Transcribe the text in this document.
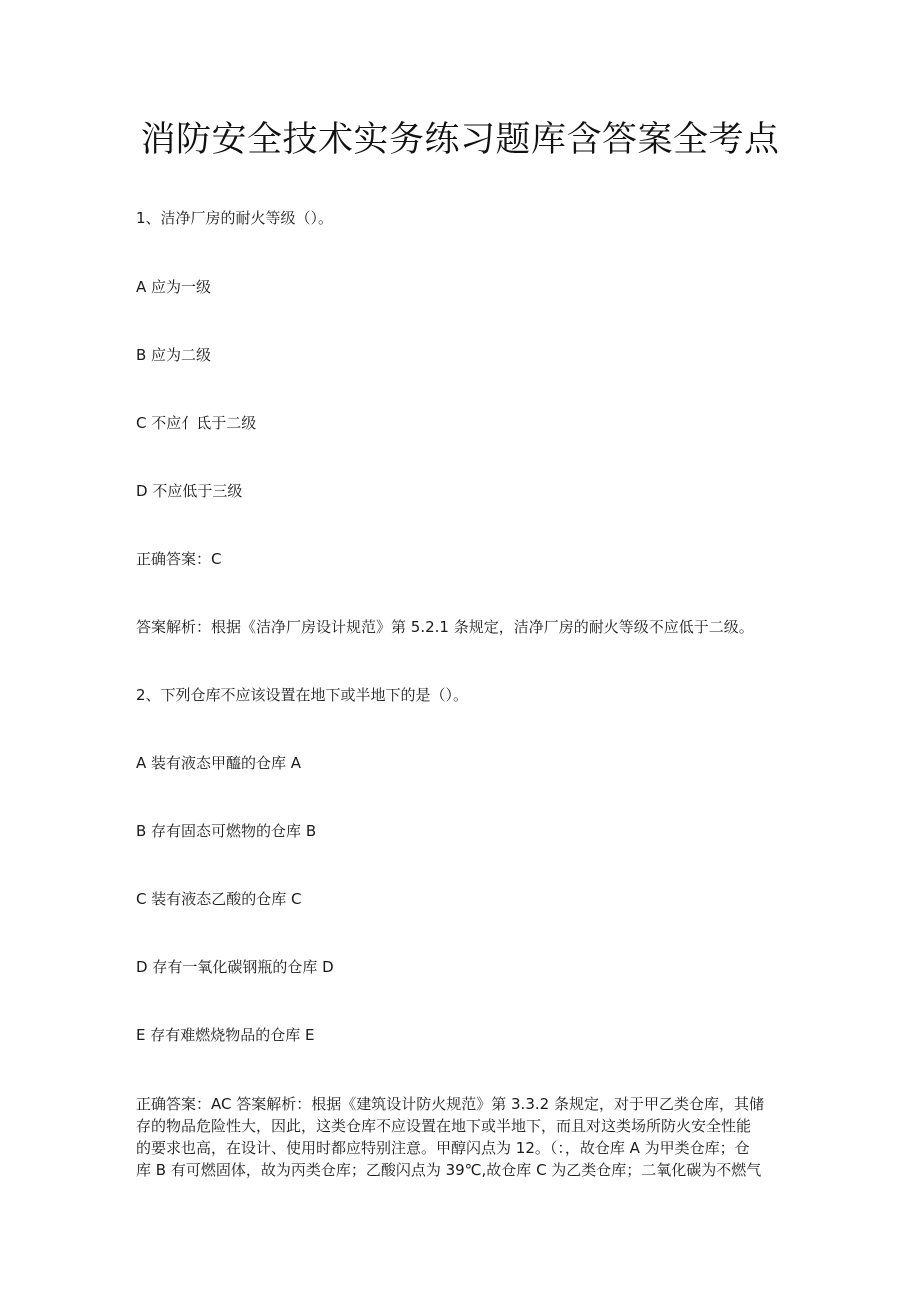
消防安全技术实务练习题库含答案全考点
1、洁净厂房的耐火等级（）。
A 应为一级
B 应为二级
C 不应亻氐于二级
D 不应低于三级
正确答案：C
答案解析：根据《洁净厂房设计规范》第 5.2.1 条规定，洁净厂房的耐火等级不应低于二级。
2、下列仓库不应该设置在地下或半地下的是（）。
A 装有液态甲醯的仓库 A
B 存有固态可燃物的仓库 B
C 装有液态乙酸的仓库 C
D 存有一氧化碳钢瓶的仓库 D
E 存有难燃烧物品的仓库 E
正确答案：AC 答案解析：根据《建筑设计防火规范》第 3.3.2 条规定，对于甲乙类仓库，其储
存的物品危险性大，因此，这类仓库不应设置在地下或半地下，而且对这类场所防火安全性能
的要求也高，在设计、使用时都应特别注意。甲醇闪点为 12。（：，故仓库 A 为甲类仓库；仓
库 B 有可燃固体，故为丙类仓库；乙酸闪点为 39℃,故仓库 C 为乙类仓库；二氧化碳为不燃气
